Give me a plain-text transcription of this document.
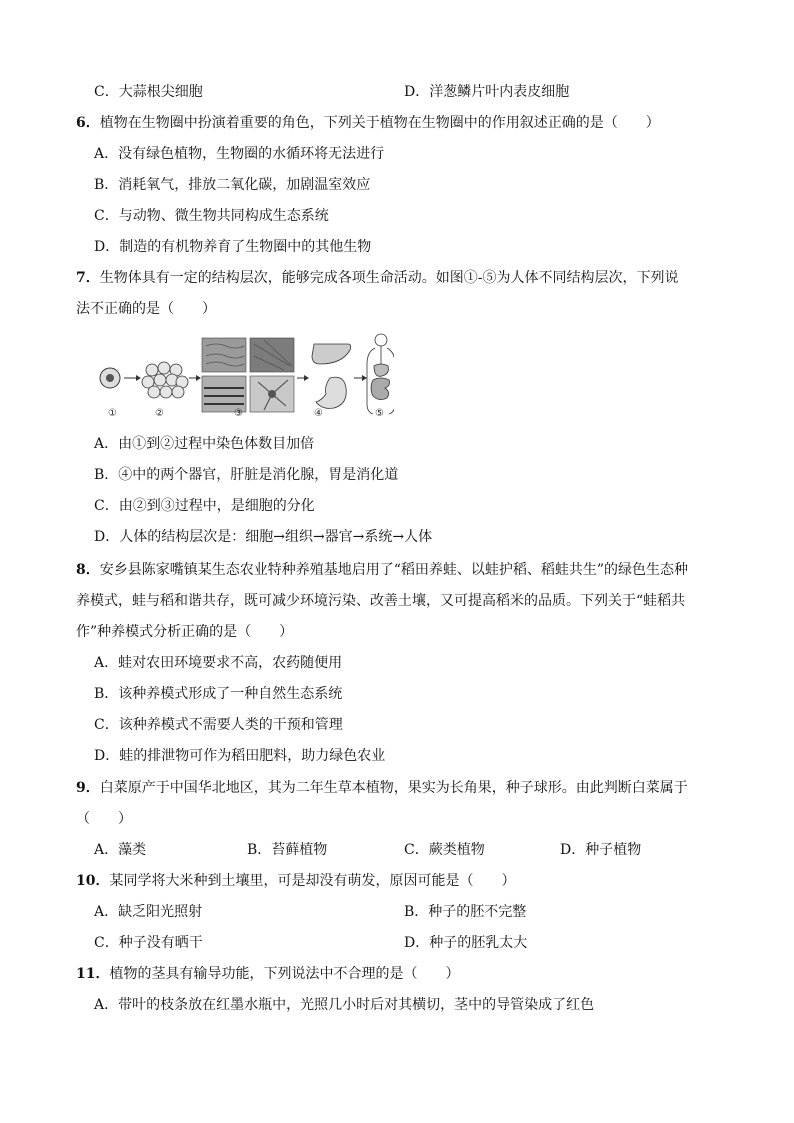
C．大蒜根尖细胞	D．洋葱鳞片叶内表皮细胞
6．植物在生物圈中扮演着重要的角色，下列关于植物在生物圈中的作用叙述正确的是（　　）
A．没有绿色植物，生物圈的水循环将无法进行
B．消耗氧气，排放二氧化碳，加剧温室效应
C．与动物、微生物共同构成生态系统
D．制造的有机物养育了生物圈中的其他生物
7．生物体具有一定的结构层次，能够完成各项生命活动。如图①-⑤为人体不同结构层次，下列说
法不正确的是（　　）
①	②	③	④	⑤
A．由①到②过程中染色体数目加倍
B．④中的两个器官，肝脏是消化腺，胃是消化道
C．由②到③过程中，是细胞的分化
D．人体的结构层次是：细胞→组织→器官→系统→人体
8．安乡县陈家嘴镇某生态农业特种养殖基地启用了“稻田养蛙、以蛙护稻、稻蛙共生”的绿色生态种
养模式，蛙与稻和谐共存，既可减少环境污染、改善土壤，又可提高稻米的品质。下列关于“蛙稻共
作”种养模式分析正确的是（　　）
A．蛙对农田环境要求不高，农药随便用
B．该种养模式形成了一种自然生态系统
C．该种养模式不需要人类的干预和管理
D．蛙的排泄物可作为稻田肥料，助力绿色农业
9．白菜原产于中国华北地区，其为二年生草本植物，果实为长角果，种子球形。由此判断白菜属于
（　　）
A．藻类	B．苔藓植物	C．蕨类植物	D．种子植物
10．某同学将大米种到土壤里，可是却没有萌发，原因可能是（　　）
A．缺乏阳光照射	B．种子的胚不完整
C．种子没有晒干	D．种子的胚乳太大
11．植物的茎具有输导功能，下列说法中不合理的是（　　）
A．带叶的枝条放在红墨水瓶中，光照几小时后对其横切，茎中的导管染成了红色
